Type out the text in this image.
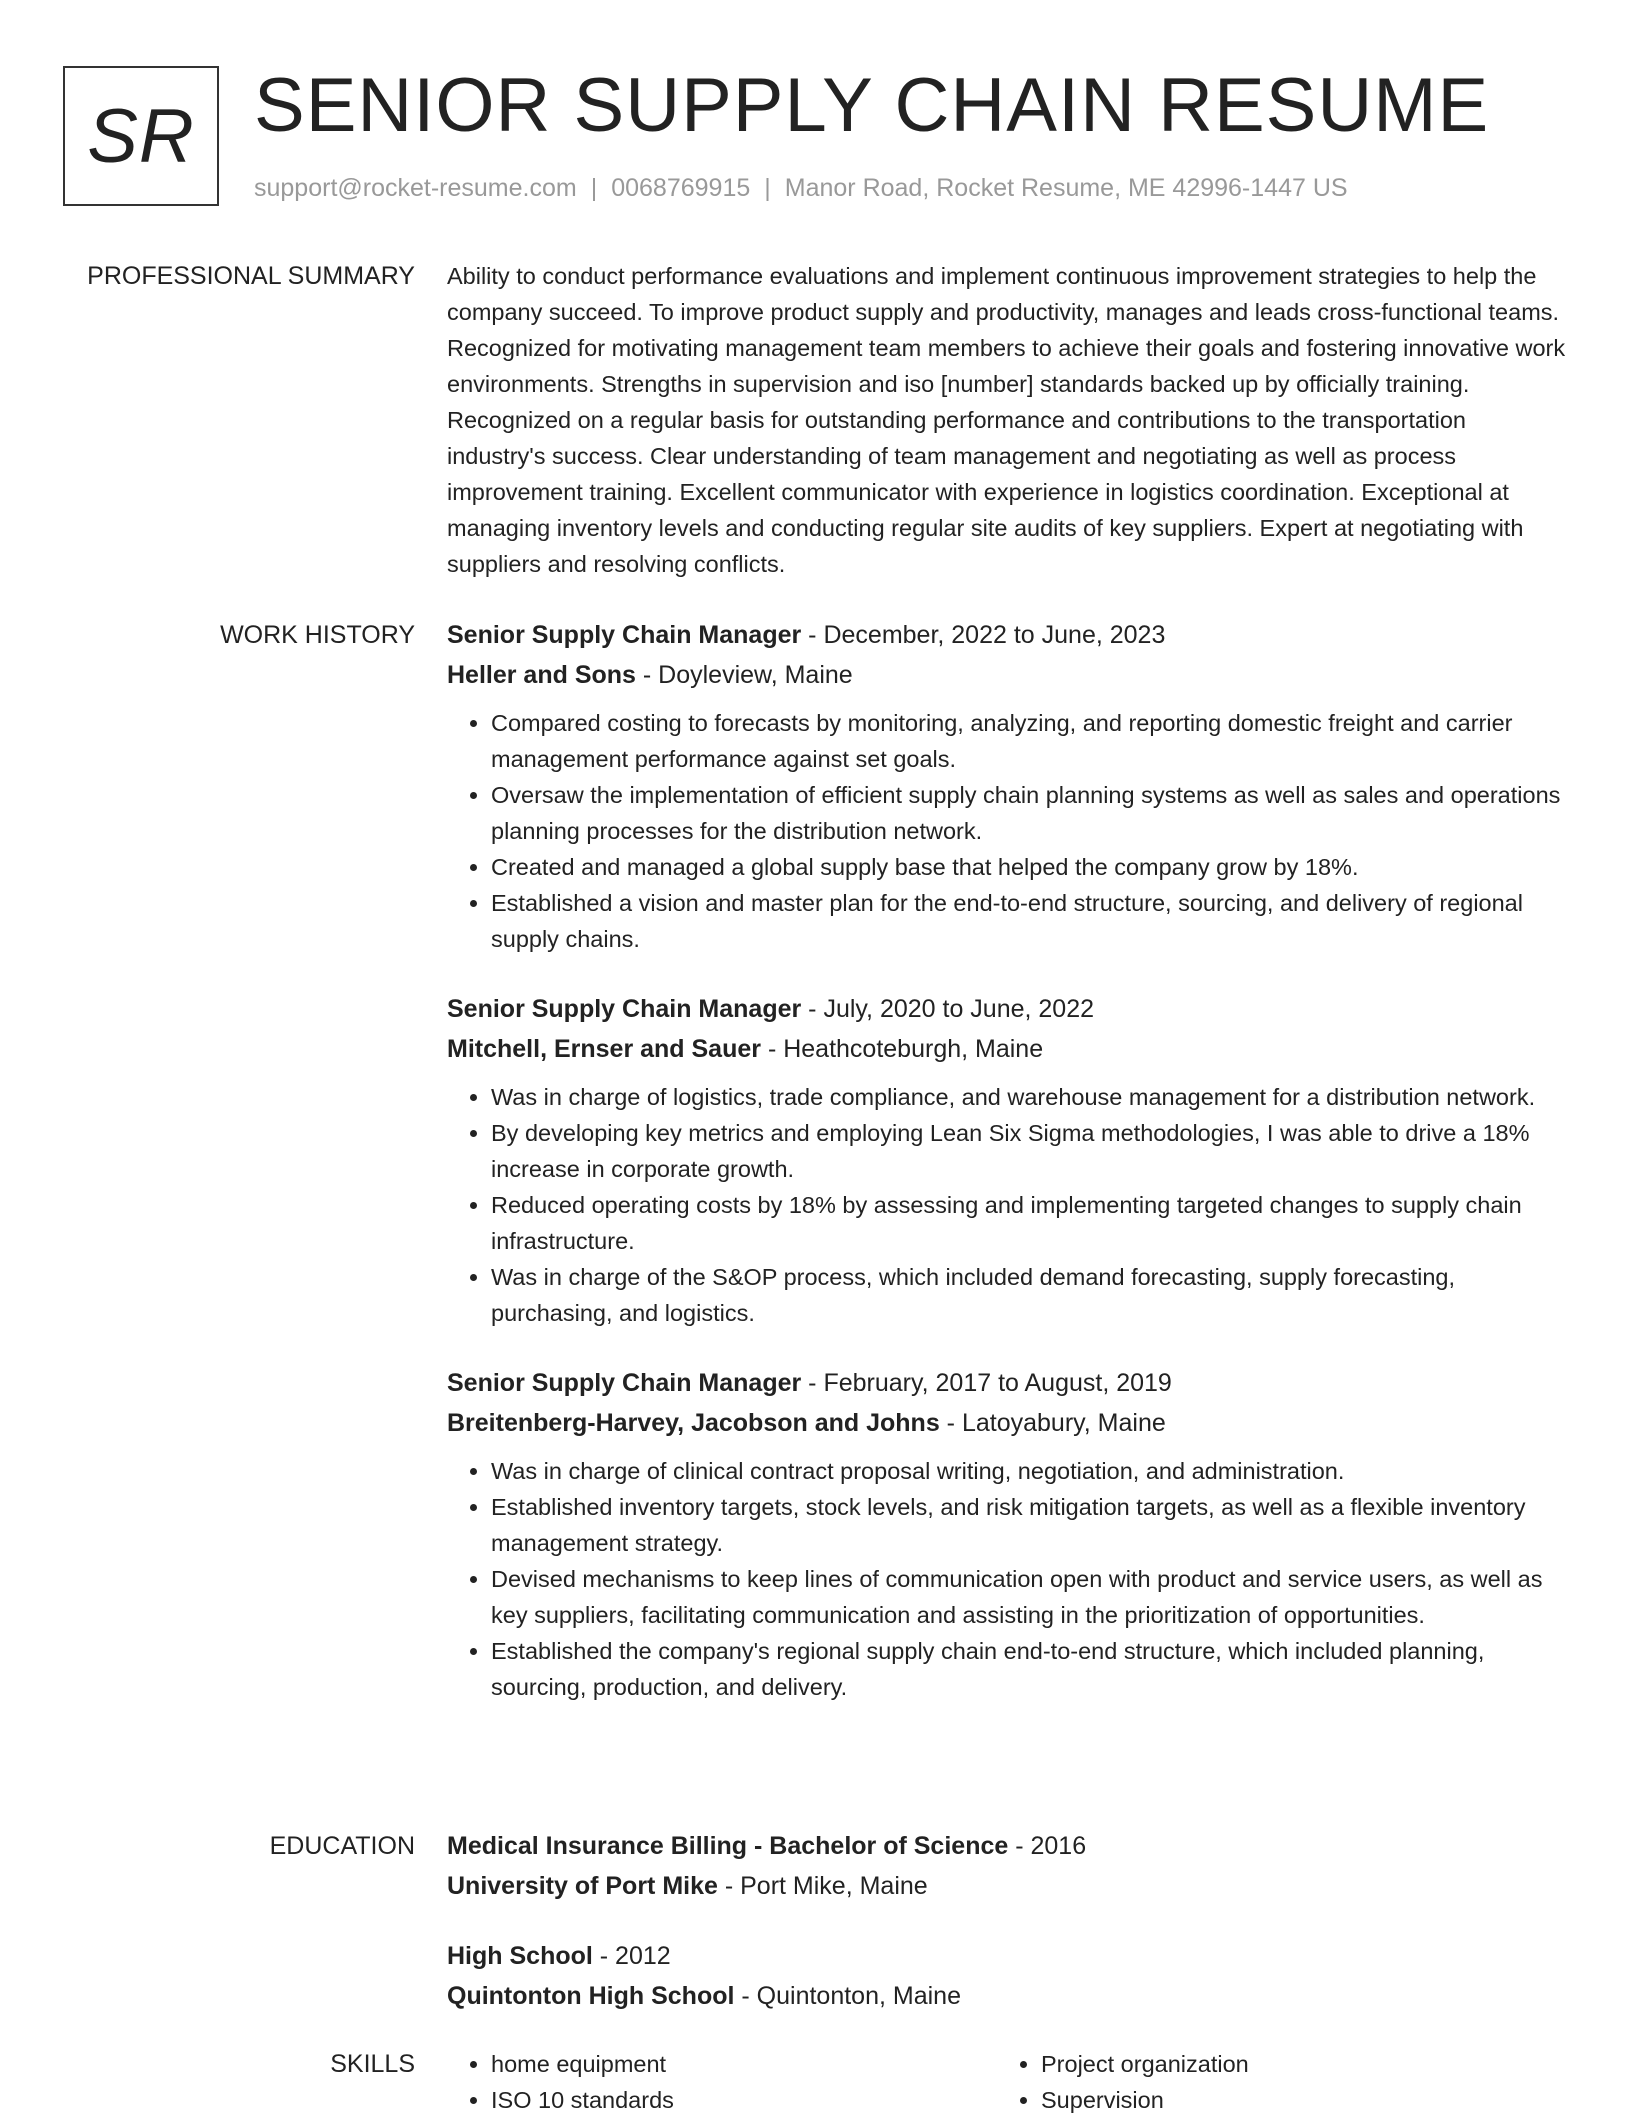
SR SENIOR SUPPLY CHAIN RESUME
support@rocket-resume.com | 0068769915 | Manor Road, Rocket Resume, ME 42996-1447 US
PROFESSIONAL SUMMARY Ability to conduct performance evaluations and implement continuous improvement strategies to help the company succeed. To improve product supply and productivity, manages and leads cross-functional teams. Recognized for motivating management team members to achieve their goals and fostering innovative work environments. Strengths in supervision and iso [number] standards backed up by officially training. Recognized on a regular basis for outstanding performance and contributions to the transportation industry's success. Clear understanding of team management and negotiating as well as process improvement training. Excellent communicator with experience in logistics coordination. Exceptional at managing inventory levels and conducting regular site audits of key suppliers. Expert at negotiating with suppliers and resolving conflicts.
WORK HISTORY Senior Supply Chain Manager - December, 2022 to June, 2023
Heller and Sons - Doyleview, Maine
• Compared costing to forecasts by monitoring, analyzing, and reporting domestic freight and carrier management performance against set goals.
• Oversaw the implementation of efficient supply chain planning systems as well as sales and operations planning processes for the distribution network.
• Created and managed a global supply base that helped the company grow by 18%.
• Established a vision and master plan for the end-to-end structure, sourcing, and delivery of regional supply chains.
Senior Supply Chain Manager - July, 2020 to June, 2022
Mitchell, Ernser and Sauer - Heathcoteburgh, Maine
• Was in charge of logistics, trade compliance, and warehouse management for a distribution network.
• By developing key metrics and employing Lean Six Sigma methodologies, I was able to drive a 18% increase in corporate growth.
• Reduced operating costs by 18% by assessing and implementing targeted changes to supply chain infrastructure.
• Was in charge of the S&OP process, which included demand forecasting, supply forecasting, purchasing, and logistics.
Senior Supply Chain Manager - February, 2017 to August, 2019
Breitenberg-Harvey, Jacobson and Johns - Latoyabury, Maine
• Was in charge of clinical contract proposal writing, negotiation, and administration.
• Established inventory targets, stock levels, and risk mitigation targets, as well as a flexible inventory management strategy.
• Devised mechanisms to keep lines of communication open with product and service users, as well as key suppliers, facilitating communication and assisting in the prioritization of opportunities.
• Established the company's regional supply chain end-to-end structure, which included planning, sourcing, production, and delivery.
EDUCATION Medical Insurance Billing - Bachelor of Science - 2016
University of Port Mike - Port Mike, Maine
High School - 2012
Quintonton High School - Quintonton, Maine
SKILLS
•	home equipment
• ISO 10 standards
• Project organization
• Supervision
